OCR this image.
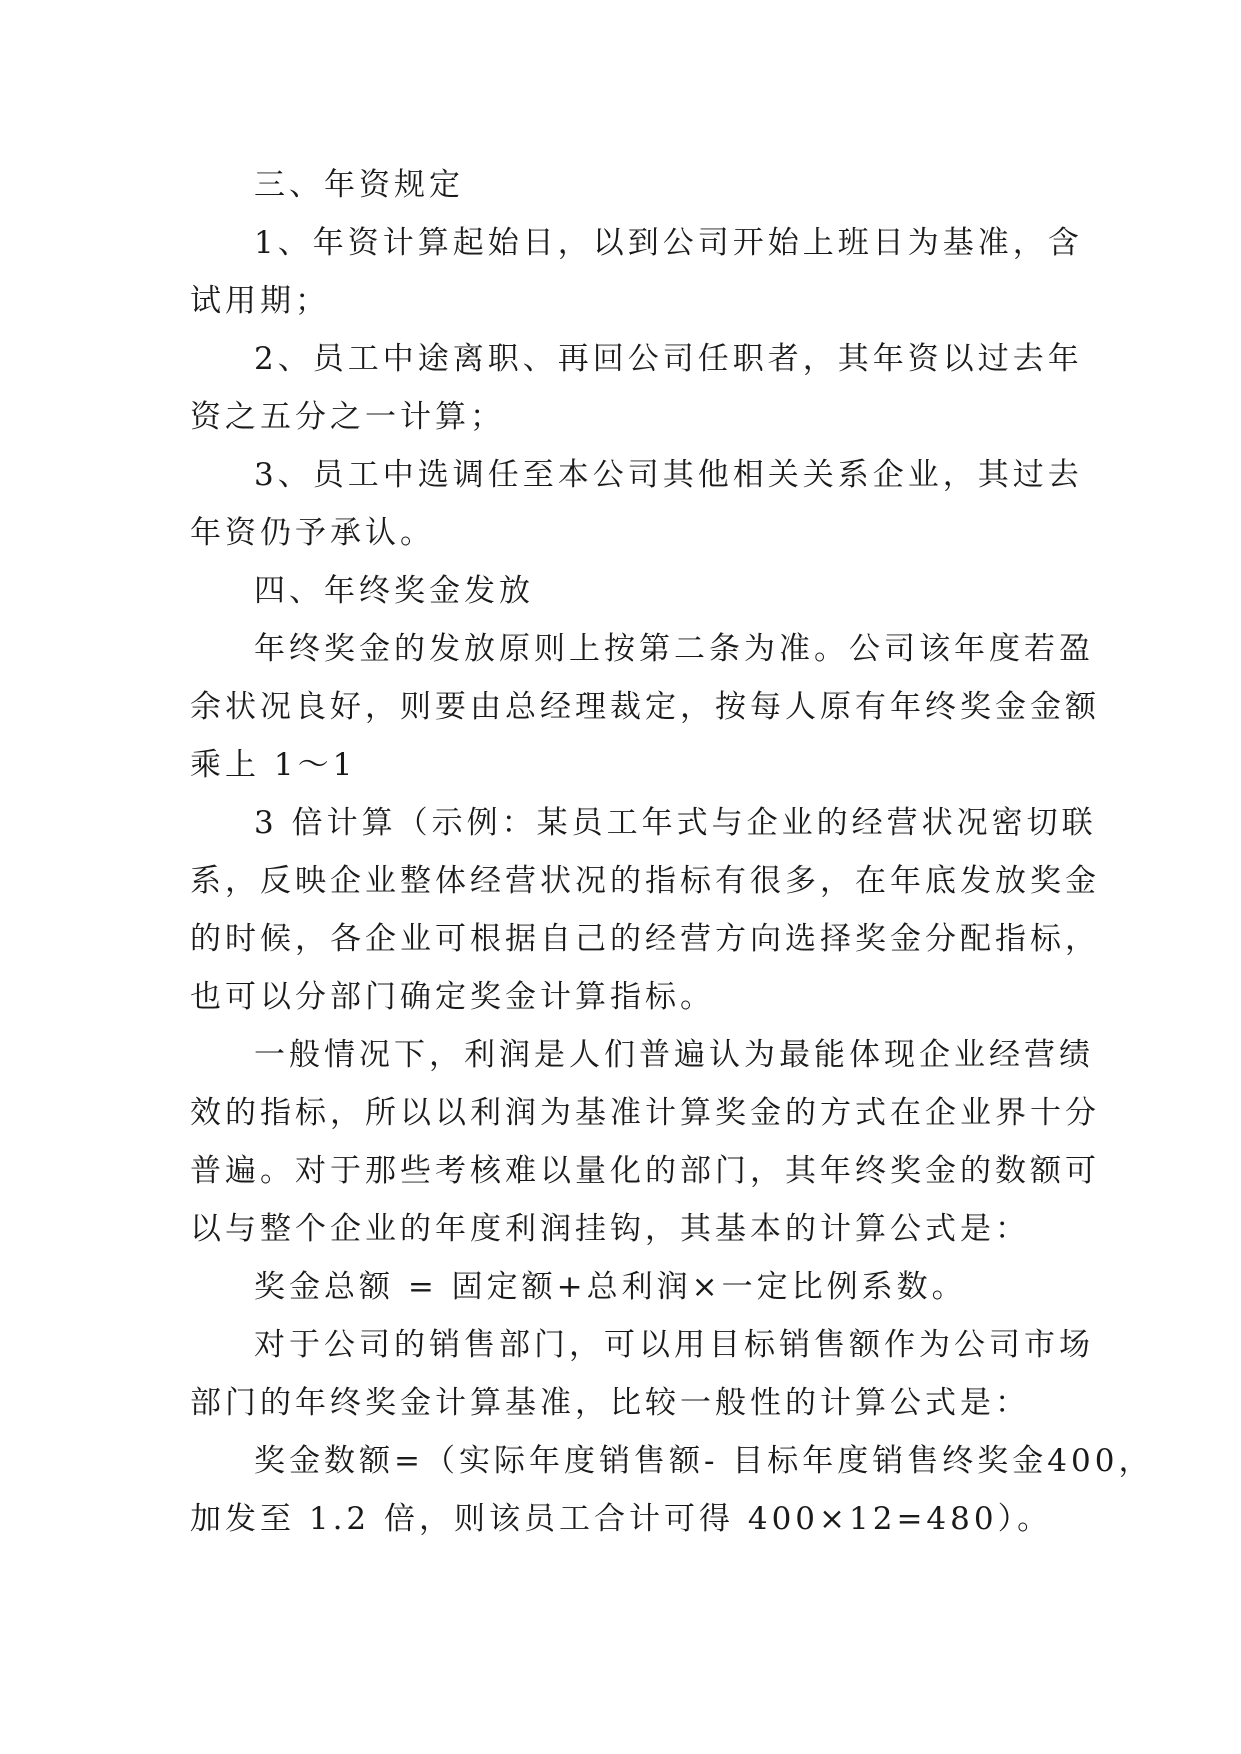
三、年资规定
1、年资计算起始日，以到公司开始上班日为基准，含
试用期；
2、员工中途离职、再回公司任职者，其年资以过去年
资之五分之一计算；
3、员工中选调任至本公司其他相关关系企业，其过去
年资仍予承认。
四、年终奖金发放
年终奖金的发放原则上按第二条为准。公司该年度若盈
余状况良好，则要由总经理裁定，按每人原有年终奖金金额
乘上 1～1
3 倍计算（示例：某员工年式与企业的经营状况密切联
系，反映企业整体经营状况的指标有很多，在年底发放奖金
的时候，各企业可根据自己的经营方向选择奖金分配指标，
也可以分部门确定奖金计算指标。
一般情况下，利润是人们普遍认为最能体现企业经营绩
效的指标，所以以利润为基准计算奖金的方式在企业界十分
普遍。对于那些考核难以量化的部门，其年终奖金的数额可
以与整个企业的年度利润挂钩，其基本的计算公式是：
奖金总额 = 固定额+总利润×一定比例系数。
对于公司的销售部门，可以用目标销售额作为公司市场
部门的年终奖金计算基准，比较一般性的计算公式是：
奖金数额=（实际年度销售额- 目标年度销售终奖金400，
加发至 1.2 倍，则该员工合计可得 400×12=480）。
